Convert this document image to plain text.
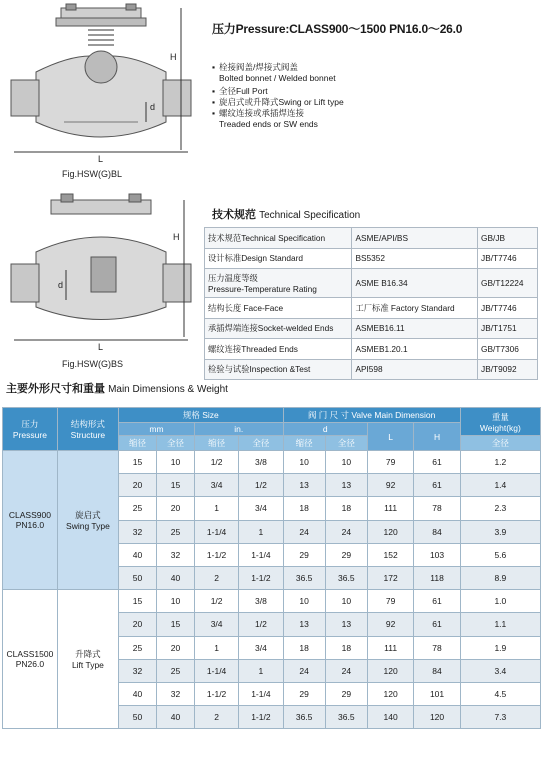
H
d
L
Fig.HSW(G)BL
H
d
L
Fig.HSW(G)BS
压力Pressure:CLASS900～1500 PN16.0～26.0
▪ 栓接阀盖/焊接式阀盖
Bolted bonnet / Welded bonnet
▪ 全径Full Port
▪ 旋启式或升降式Swing or Lift type
▪ 螺纹连接或承插焊连接
Treaded ends or SW ends
技术规范 Technical Specification
技术规范Technical Specification	ASME/API/BS	GB/JB
设计标准Design Standard	BS5352	JB/T7746
压力温度等级
Pressure-Temperature Rating	ASME B16.34	GB/T12224
结构长度 Face-Face	工厂标准 Factory Standard	JB/T7746
承插焊端连接Socket-welded Ends	ASMEB16.11	JB/T1751
螺纹连接Threaded Ends	ASMEB1.20.1	GB/T7306
检验与试验Inspection &Test	API598	JB/T9092
主要外形尺寸和重量 Main Dimensions & Weight
压力
Pressure	结构形式
Structure	规格 Size				阀 门 尺 寸 Valve Main Dimension				重量
Weight(kg)
		mm		in.		d		L	H	
		缩径	全径	缩径	全径	缩径	全径			全径
CLASS900
PN16.0	旋启式
Swing Type	15	10	1/2	3/8	10	10	79	61	1.2
		20	15	3/4	1/2	13	13	92	61	1.4
		25	20	1	3/4	18	18	111	78	2.3
		32	25	1-1/4	1	24	24	120	84	3.9
		40	32	1-1/2	1-1/4	29	29	152	103	5.6
		50	40	2	1-1/2	36.5	36.5	172	118	8.9
CLASS1500
PN26.0	升降式
Lift Type	15	10	1/2	3/8	10	10	79	61	1.0
		20	15	3/4	1/2	13	13	92	61	1.1
		25	20	1	3/4	18	18	111	78	1.9
		32	25	1-1/4	1	24	24	120	84	3.4
		40	32	1-1/2	1-1/4	29	29	120	101	4.5
		50	40	2	1-1/2	36.5	36.5	140	120	7.3
